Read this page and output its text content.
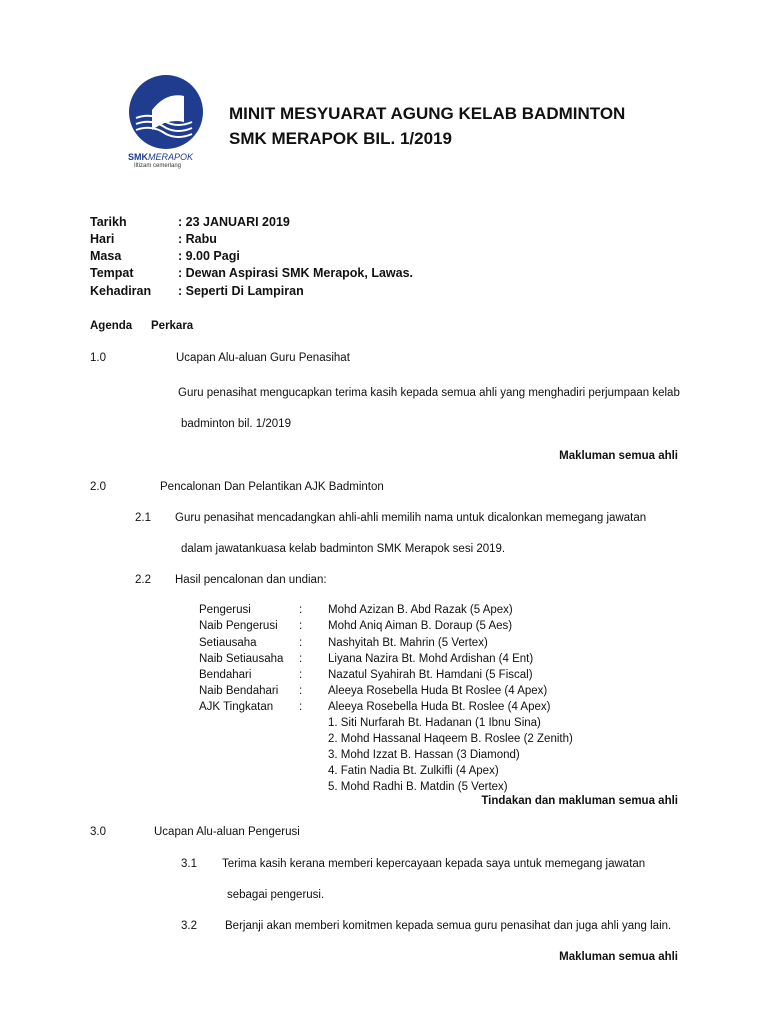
SMKMERAPOK
Iltizam cemerlang
MINIT MESYUARAT AGUNG KELAB BADMINTON
SMK MERAPOK BIL. 1/2019
Tarikh	: 23 JANUARI 2019
Hari	: Rabu
Masa	: 9.00 Pagi
Tempat	: Dewan Aspirasi SMK Merapok, Lawas.
Kehadiran : Seperti Di Lampiran
Agenda Perkara
1.0	Ucapan Alu-aluan Guru Penasihat
Guru penasihat mengucapkan terima kasih kepada semua ahli yang menghadiri perjumpaan kelab
badminton bil. 1/2019
Makluman semua ahli
2.0	Pencalonan Dan Pelantikan AJK Badminton
2.1 Guru penasihat mencadangkan ahli-ahli memilih nama untuk dicalonkan memegang jawatan
dalam jawatankuasa kelab badminton SMK Merapok sesi 2019.
2.2 Hasil pencalonan dan undian:
Pengerusi	: Mohd Azizan B. Abd Razak (5 Apex)
Naib Pengerusi : Mohd Aniq Aiman B. Doraup (5 Aes)
Setiausaha	: Nashyitah Bt. Mahrin (5 Vertex)
Naib Setiausaha : Liyana Nazira Bt. Mohd Ardishan (4 Ent)
Bendahari	: Nazatul Syahirah Bt. Hamdani (5 Fiscal)
Naib Bendahari : Aleeya Rosebella Huda Bt Roslee (4 Apex)
AJK Tingkatan : Aleeya Rosebella Huda Bt. Roslee (4 Apex)
1. Siti Nurfarah Bt. Hadanan (1 Ibnu Sina)
2. Mohd Hassanal Haqeem B. Roslee (2 Zenith)
3. Mohd Izzat B. Hassan (3 Diamond)
4. Fatin Nadia Bt. Zulkifli (4 Apex)
5. Mohd Radhi B. Matdin (5 Vertex)
Tindakan dan makluman semua ahli
3.0	Ucapan Alu-aluan Pengerusi
3.1 Terima kasih kerana memberi kepercayaan kepada saya untuk memegang jawatan
sebagai pengerusi.
3.2 Berjanji akan memberi komitmen kepada semua guru penasihat dan juga ahli yang lain.
Makluman semua ahli
